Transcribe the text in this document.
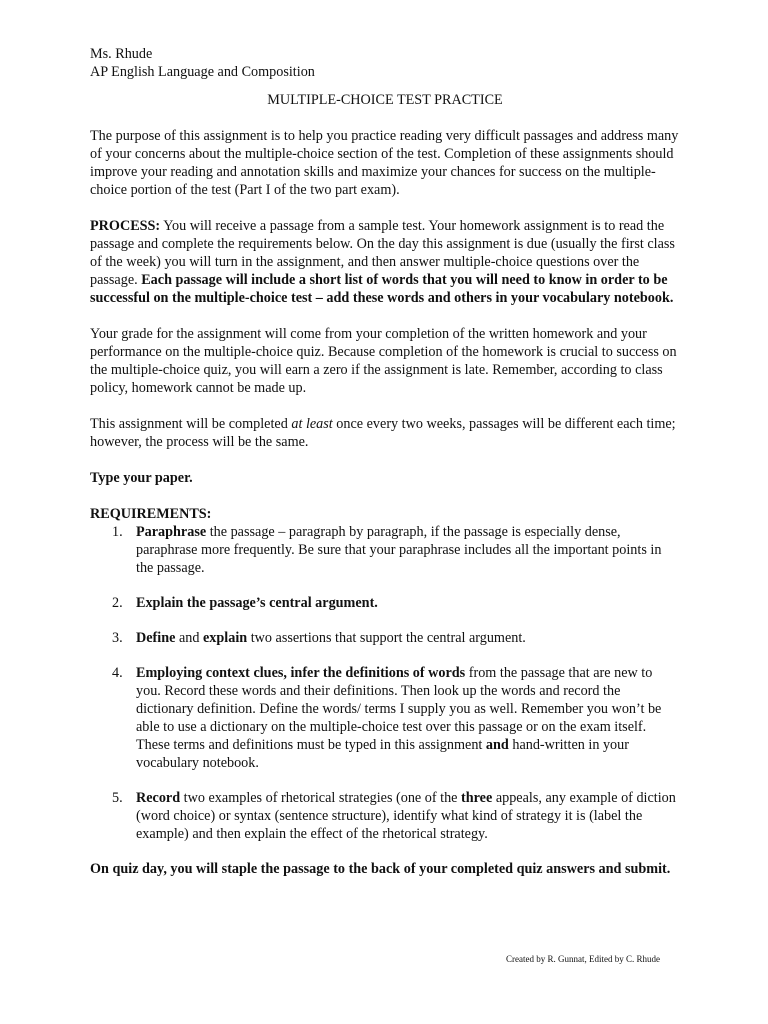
Ms. Rhude
AP English Language and Composition
MULTIPLE-CHOICE TEST PRACTICE

The purpose of this assignment is to help you practice reading very difficult passages and address many of your concerns about the multiple-choice section of the test. Completion of these assignments should improve your reading and annotation skills and maximize your chances for success on the multiple-choice portion of the test (Part I of the two part exam).

PROCESS: You will receive a passage from a sample test. Your homework assignment is to read the passage and complete the requirements below. On the day this assignment is due (usually the first class of the week) you will turn in the assignment, and then answer multiple-choice questions over the passage. Each passage will include a short list of words that you will need to know in order to be successful on the multiple-choice test – add these words and others in your vocabulary notebook.

Your grade for the assignment will come from your completion of the written homework and your performance on the multiple-choice quiz. Because completion of the homework is crucial to success on the multiple-choice quiz, you will earn a zero if the assignment is late. Remember, according to class policy, homework cannot be made up.

This assignment will be completed at least once every two weeks, passages will be different each time; however, the process will be the same.

Type your paper.

REQUIREMENTS:

1. Paraphrase the passage – paragraph by paragraph, if the passage is especially dense, paraphrase more frequently. Be sure that your paraphrase includes all the important points in the passage.
2. Explain the passage’s central argument.
3. Define and explain two assertions that support the central argument.
4. Employing context clues, infer the definitions of words from the passage that are new to you. Record these words and their definitions. Then look up the words and record the dictionary definition. Define the words/ terms I supply you as well. Remember you won’t be able to use a dictionary on the multiple-choice test over this passage or on the exam itself. These terms and definitions must be typed in this assignment and hand-written in your vocabulary notebook.
5. Record two examples of rhetorical strategies (one of the three appeals, any example of diction (word choice) or syntax (sentence structure), identify what kind of strategy it is (label the example) and then explain the effect of the rhetorical strategy.

On quiz day, you will staple the passage to the back of your completed quiz answers and submit.

Created by R. Gunnat, Edited by C. Rhude
